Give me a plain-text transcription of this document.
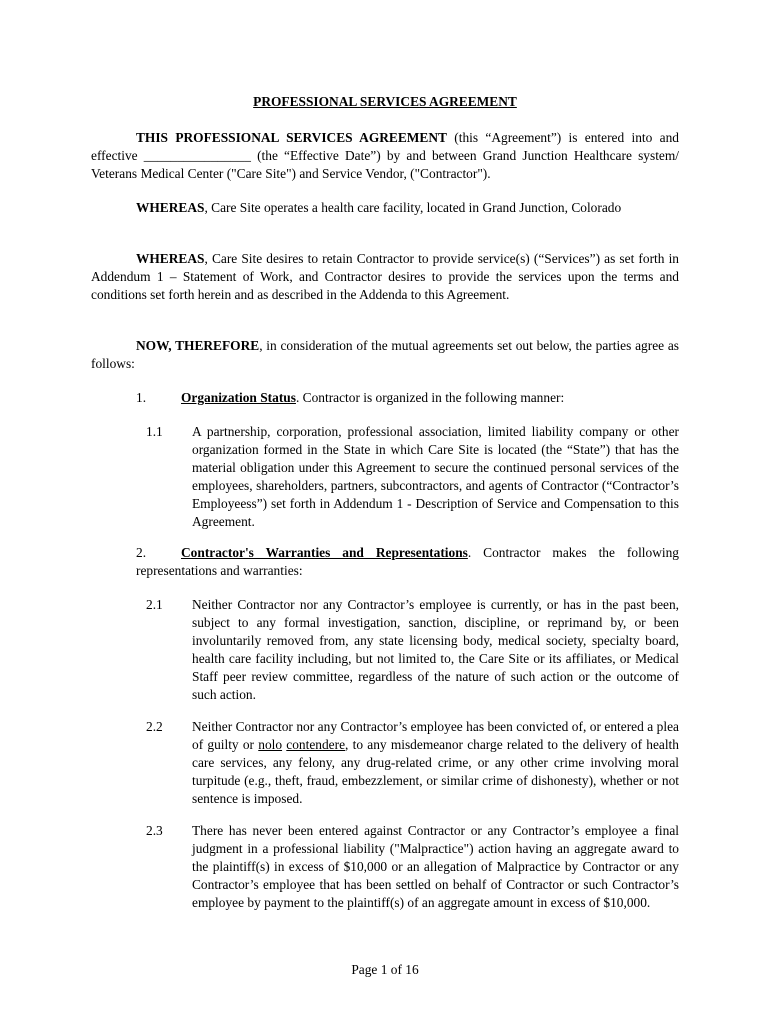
PROFESSIONAL SERVICES AGREEMENT

THIS PROFESSIONAL SERVICES AGREEMENT (this “Agreement”) is entered into and effective ________________ (the “Effective Date”) by and between Grand Junction Healthcare system/ Veterans Medical Center ("Care Site") and Service Vendor, ("Contractor").

WHEREAS, Care Site operates a health care facility, located in Grand Junction, Colorado

WHEREAS, Care Site desires to retain Contractor to provide service(s) (“Services”) as set forth in Addendum 1 – Statement of Work, and Contractor desires to provide the services upon the terms and conditions set forth herein and as described in the Addenda to this Agreement.

NOW, THEREFORE, in consideration of the mutual agreements set out below, the parties agree as follows:

1.	Organization Status. Contractor is organized in the following manner:

1.1	A partnership, corporation, professional association, limited liability company or other organization formed in the State in which Care Site is located (the “State”) that has the material obligation under this Agreement to secure the continued personal services of the employees, shareholders, partners, subcontractors, and agents of Contractor (“Contractor’s Employeess”) set forth in Addendum 1 - Description of Service and Compensation to this Agreement.

2.	Contractor's Warranties and Representations. Contractor makes the following representations and warranties:

2.1	Neither Contractor nor any Contractor’s employee is currently, or has in the past been, subject to any formal investigation, sanction, discipline, or reprimand by, or been involuntarily removed from, any state licensing body, medical society, specialty board, health care facility including, but not limited to, the Care Site or its affiliates, or Medical Staff peer review committee, regardless of the nature of such action or the outcome of such action.
2.2	Neither Contractor nor any Contractor’s employee has been convicted of, or entered a plea of guilty or nolo contendere, to any misdemeanor charge related to the delivery of health care services, any felony, any drug-related crime, or any other crime involving moral turpitude (e.g., theft, fraud, embezzlement, or similar crime of dishonesty), whether or not sentence is imposed.
2.3	There has never been entered against Contractor or any Contractor’s employee a final judgment in a professional liability ("Malpractice") action having an aggregate award to the plaintiff(s) in excess of $10,000 or an allegation of Malpractice by Contractor or any Contractor’s employee that has been settled on behalf of Contractor or such Contractor’s employee by payment to the plaintiff(s) of an aggregate amount in excess of $10,000.
Page 1 of 16
